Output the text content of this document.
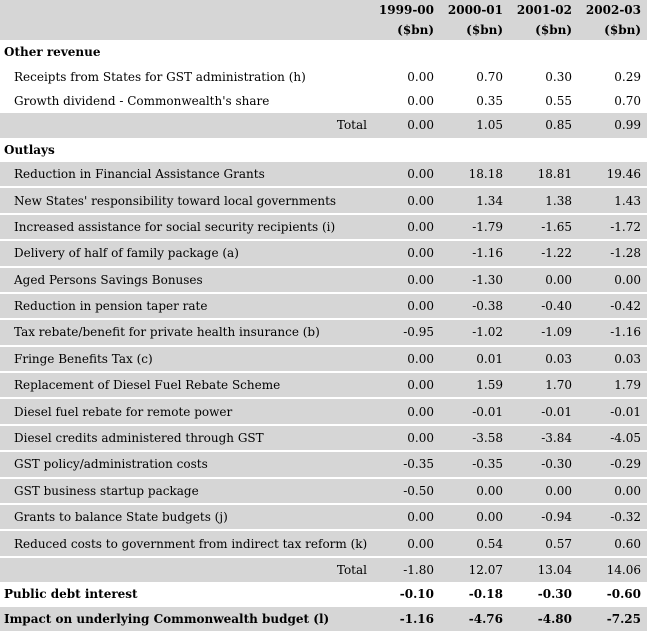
	1999-00	2000-01	2001-02	2002-03
	($bn)	($bn)	($bn)	($bn)
Other revenue				
Receipts from States for GST administration (h)	0.00	0.70	0.30	0.29
Growth dividend - Commonwealth's share	0.00	0.35	0.55	0.70
Total	0.00	1.05	0.85	0.99
Outlays				
Reduction in Financial Assistance Grants	0.00	18.18	18.81	19.46
New States' responsibility toward local governments	0.00	1.34	1.38	1.43
Increased assistance for social security recipients (i)	0.00	-1.79	-1.65	-1.72
Delivery of half of family package (a)	0.00	-1.16	-1.22	-1.28
Aged Persons Savings Bonuses	0.00	-1.30	0.00	0.00
Reduction in pension taper rate	0.00	-0.38	-0.40	-0.42
Tax rebate/benefit for private health insurance (b)	-0.95	-1.02	-1.09	-1.16
Fringe Benefits Tax (c)	0.00	0.01	0.03	0.03
Replacement of Diesel Fuel Rebate Scheme	0.00	1.59	1.70	1.79
Diesel fuel rebate for remote power	0.00	-0.01	-0.01	-0.01
Diesel credits administered through GST	0.00	-3.58	-3.84	-4.05
GST policy/administration costs	-0.35	-0.35	-0.30	-0.29
GST business startup package	-0.50	0.00	0.00	0.00
Grants to balance State budgets (j)	0.00	0.00	-0.94	-0.32
Reduced costs to government from indirect tax reform (k)	0.00	0.54	0.57	0.60
Total	-1.80	12.07	13.04	14.06
Public debt interest	-0.10	-0.18	-0.30	-0.60
Impact on underlying Commonwealth budget (l)	-1.16	-4.76	-4.80	-7.25
